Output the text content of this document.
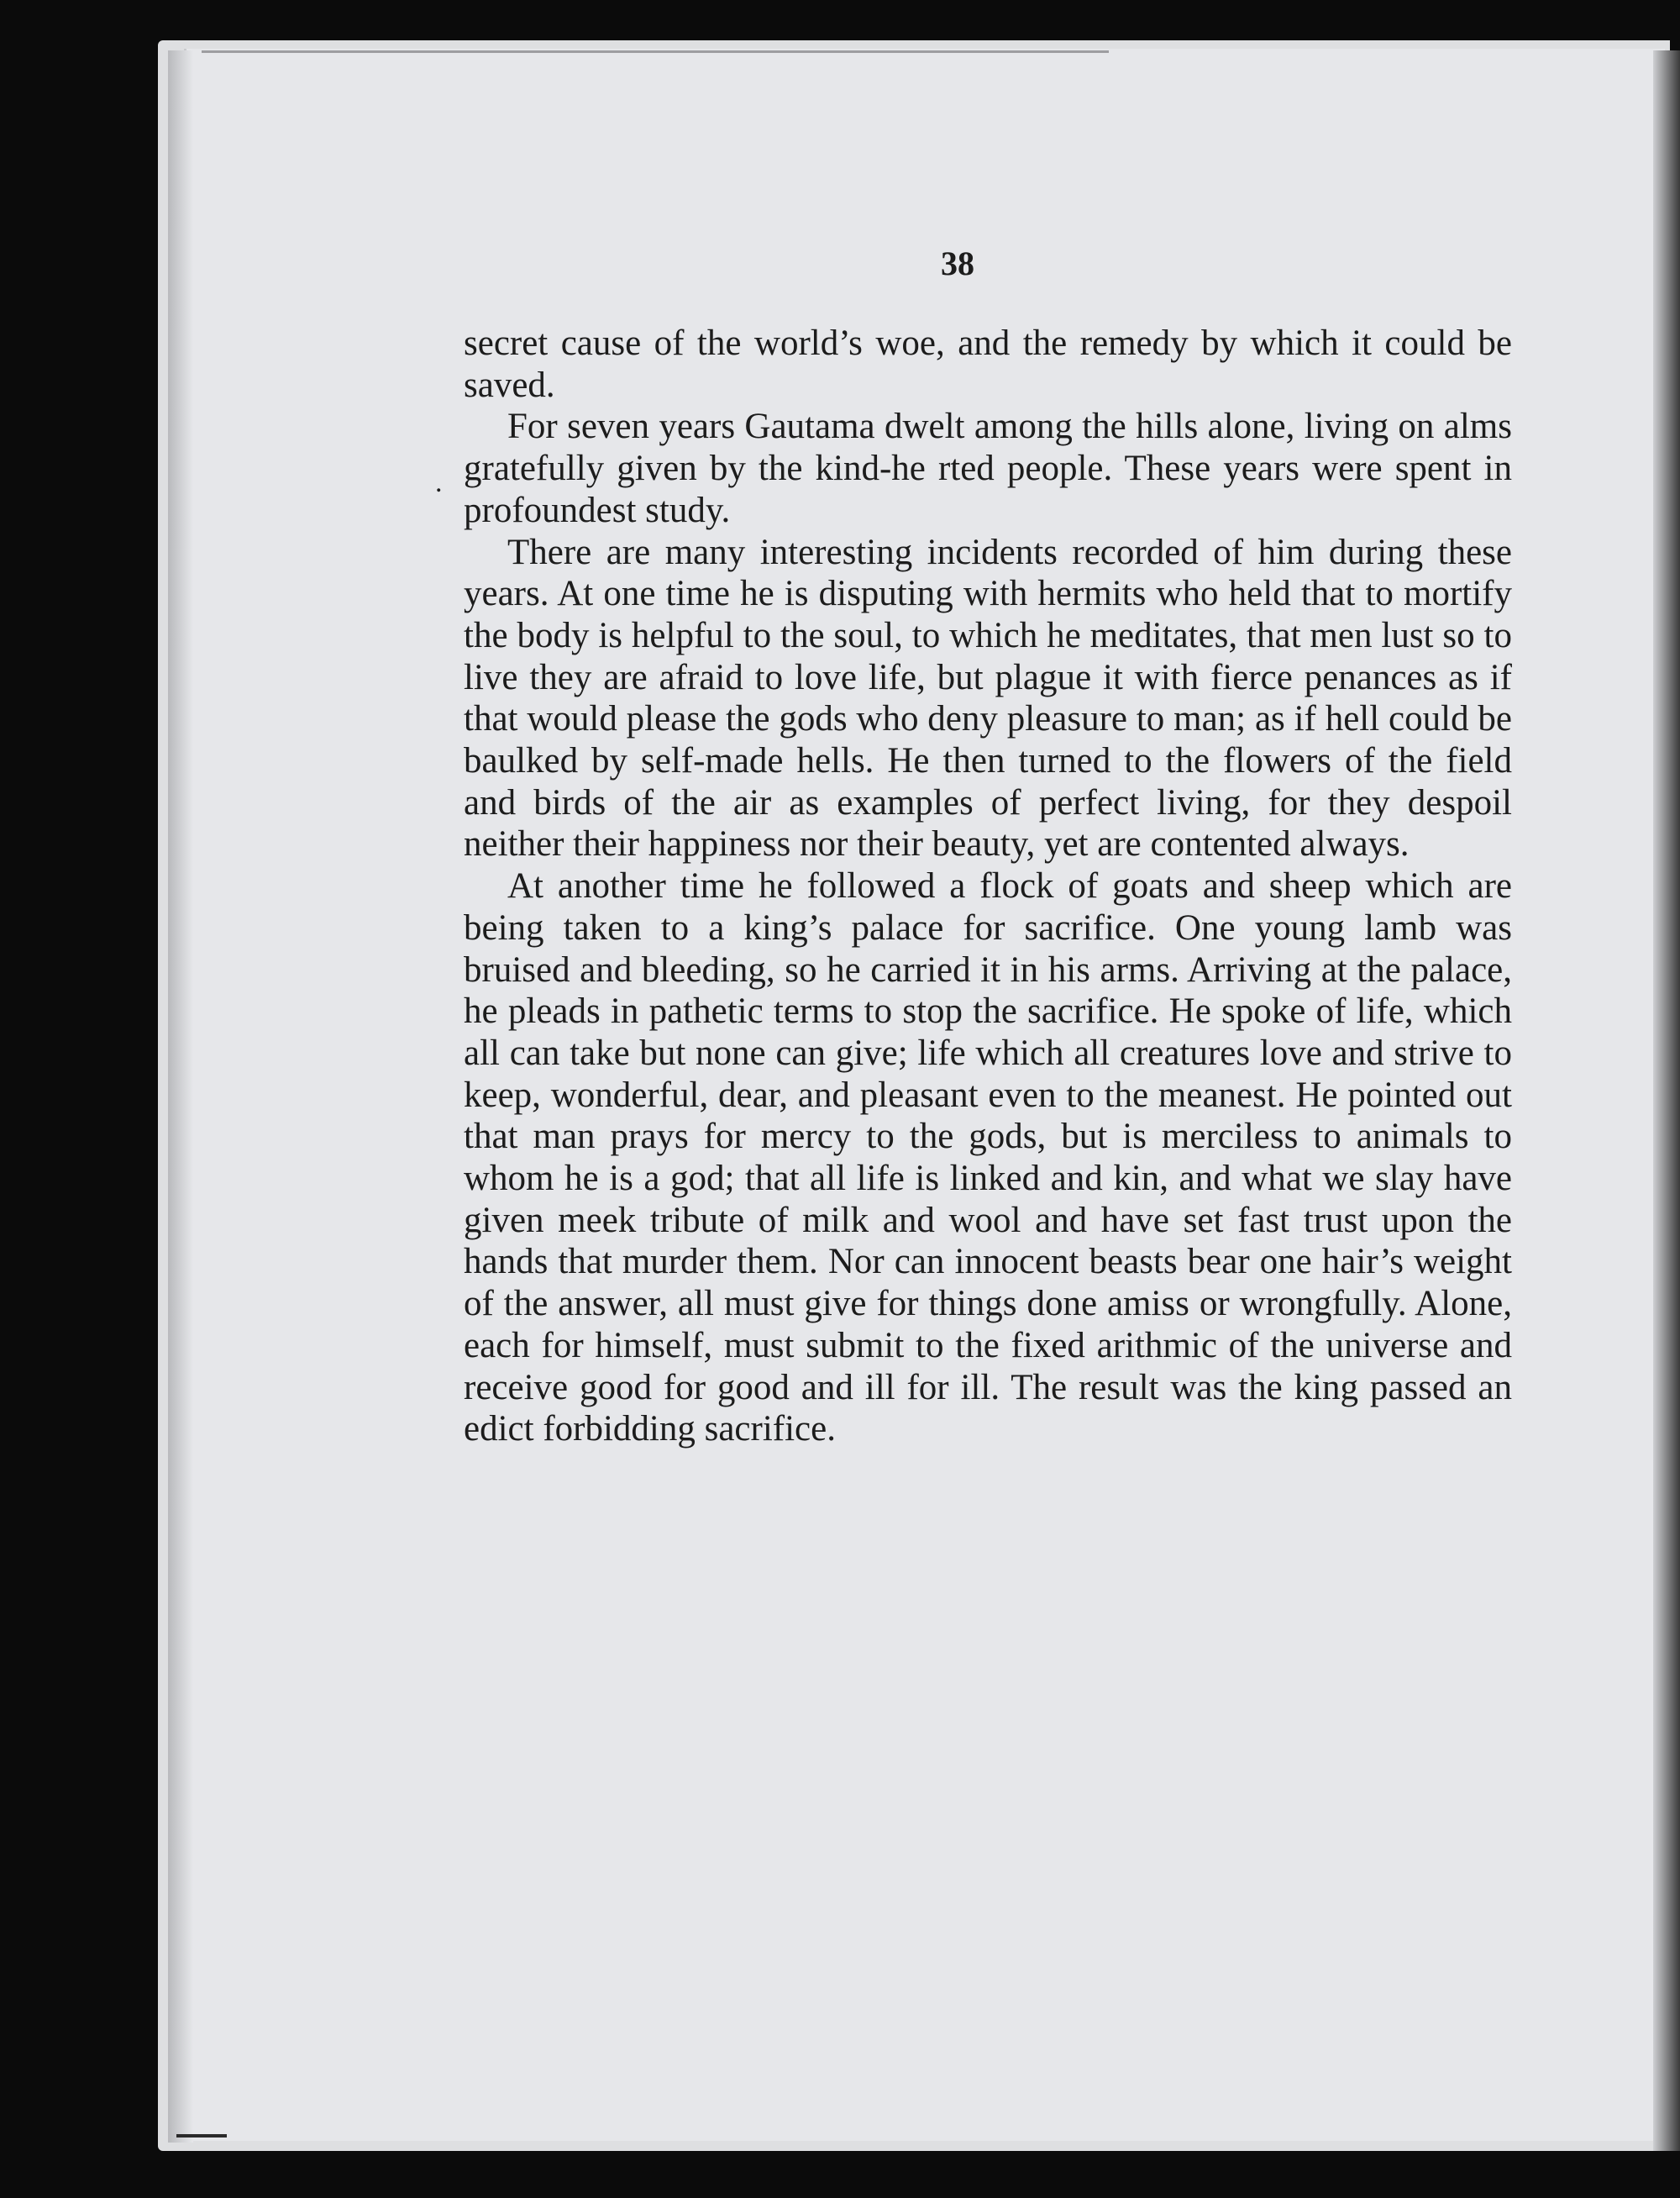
38
.

secret cause of the world’s woe, and the remedy by which it could be saved.

For seven years Gautama dwelt among the hills alone, living on alms gratefully given by the kind-he rted people. These years were spent in profoundest study.

There are many interesting incidents recorded of him during these years. At one time he is disputing with hermits who held that to mortify the body is helpful to the soul, to which he meditates, that men lust so to live they are afraid to love life, but plague it with fierce penances as if that would please the gods who deny pleasure to man; as if hell could be baulked by self-made hells. He then turned to the flowers of the field and birds of the air as examples of perfect living, for they despoil neither their happiness nor their beauty, yet are contented always.

At another time he followed a flock of goats and sheep which are being taken to a king’s palace for sacrifice. One young lamb was bruised and bleeding, so he carried it in his arms. Arriving at the palace, he pleads in pathetic terms to stop the sacrifice. He spoke of life, which all can take but none can give; life which all creatures love and strive to keep, wonderful, dear, and pleasant even to the meanest. He pointed out that man prays for mercy to the gods, but is merciless to animals to whom he is a god; that all life is linked and kin, and what we slay have given meek tribute of milk and wool and have set fast trust upon the hands that murder them. Nor can innocent beasts bear one hair’s weight of the answer, all must give for things done amiss or wrongfully. Alone, each for himself, must submit to the fixed arithmic of the universe and receive good for good and ill for ill. The result was the king passed an edict forbidding sacrifice.
